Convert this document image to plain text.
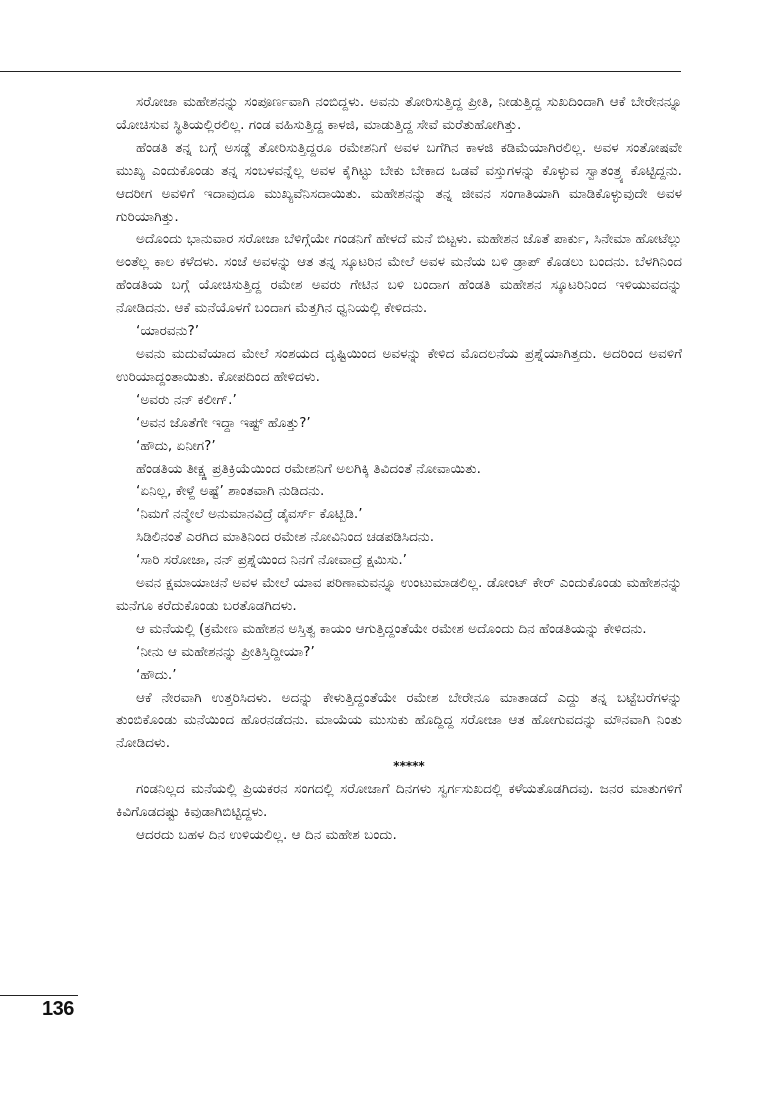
ಸರೋಜಾ ಮಹೇಶನನ್ನು ಸಂಪೂರ್ಣವಾಗಿ ನಂಬಿದ್ದಳು. ಅವನು ತೋರಿಸುತ್ತಿದ್ದ ಪ್ರೀತಿ, ನೀಡುತ್ತಿದ್ದ ಸುಖದಿಂದಾಗಿ ಆಕೆ ಬೇರೇನನ್ನೂ ಯೋಚಿಸುವ ಸ್ಥಿತಿಯಲ್ಲಿರಲಿಲ್ಲ. ಗಂಡ ವಹಿಸುತ್ತಿದ್ದ ಕಾಳಜಿ, ಮಾಡುತ್ತಿದ್ದ ಸೇವೆ ಮರೆತುಹೋಗಿತ್ತು.

ಹೆಂಡತಿ ತನ್ನ ಬಗ್ಗೆ ಅಸಡ್ಡೆ ತೋರಿಸುತ್ತಿದ್ದರೂ ರಮೇಶನಿಗೆ ಅವಳ ಬಗೆಗಿನ ಕಾಳಜಿ ಕಡಿಮೆಯಾಗಿರಲಿಲ್ಲ. ಅವಳ ಸಂತೋಷವೇ ಮುಖ್ಯ ಎಂದುಕೊಂಡು ತನ್ನ ಸಂಬಳವನ್ನೆಲ್ಲ ಅವಳ ಕೈಗಿಟ್ಟು ಬೇಕು ಬೇಕಾದ ಒಡವೆ ವಸ್ತುಗಳನ್ನು ಕೊಳ್ಳುವ ಸ್ವಾತಂತ್ರ್ಯ ಕೊಟ್ಟಿದ್ದನು. ಆದರೀಗ ಅವಳಿಗೆ ಇದಾವುದೂ ಮುಖ್ಯವೆನಿಸದಾಯಿತು. ಮಹೇಶನನ್ನು ತನ್ನ ಜೀವನ ಸಂಗಾತಿಯಾಗಿ ಮಾಡಿಕೊಳ್ಳುವುದೇ ಅವಳ ಗುರಿಯಾಗಿತ್ತು.

ಅದೊಂದು ಭಾನುವಾರ ಸರೋಜಾ ಬೆಳಿಗ್ಗೆಯೇ ಗಂಡನಿಗೆ ಹೇಳದೆ ಮನೆ ಬಿಟ್ಟಳು. ಮಹೇಶನ ಜೊತೆ ಪಾರ್ಕು, ಸಿನೇಮಾ ಹೋಟೆಲ್ಲು ಅಂತೆಲ್ಲ ಕಾಲ ಕಳೆದಳು. ಸಂಜೆ ಅವಳನ್ನು ಆತ ತನ್ನ ಸ್ಕೂಟರಿನ ಮೇಲೆ ಅವಳ ಮನೆಯ ಬಳಿ ಡ್ರಾಪ್ ಕೊಡಲು ಬಂದನು. ಬೆಳಗಿನಿಂದ ಹೆಂಡತಿಯ ಬಗ್ಗೆ ಯೋಚಿಸುತ್ತಿದ್ದ ರಮೇಶ ಅವರು ಗೇಟಿನ ಬಳಿ ಬಂದಾಗ ಹೆಂಡತಿ ಮಹೇಶನ ಸ್ಕೂಟರಿನಿಂದ ಇಳಿಯುವದನ್ನು ನೋಡಿದನು. ಆಕೆ ಮನೆಯೊಳಗೆ ಬಂದಾಗ ಮೆತ್ತಗಿನ ಧ್ವನಿಯಲ್ಲಿ ಕೇಳಿದನು.

‘ಯಾರವನು?’

ಅವನು ಮದುವೆಯಾದ ಮೇಲೆ ಸಂಶಯದ ದೃಷ್ಟಿಯಿಂದ ಅವಳನ್ನು ಕೇಳಿದ ಮೊದಲನೆಯ ಪ್ರಶ್ನೆಯಾಗಿತ್ತದು. ಅದರಿಂದ ಅವಳಿಗೆ ಉರಿಯಾದ್ದಂತಾಯಿತು. ಕೋಪದಿಂದ ಹೇಳಿದಳು.

‘ಅವರು ನನ್ ಕಲೀಗ್.’

‘ಅವನ ಜೊತೆಗೇ ಇದ್ದಾ ಇಷ್ಟ್ ಹೊತ್ತು?’

‘ಹೌದು, ಏನೀಗ?’

ಹೆಂಡತಿಯ ತೀಕ್ಷ್ಣ ಪ್ರತಿಕ್ರಿಯೆಯಿಂದ ರಮೇಶನಿಗೆ ಅಲಗಿಕ್ಕಿ ತಿವಿದಂತೆ ನೋವಾಯಿತು.

‘ಏನಿಲ್ಲ, ಕೇಳ್ದೆ ಅಷ್ಟೆ’ ಶಾಂತವಾಗಿ ನುಡಿದನು.

‘ನಿಮಗೆ ನನ್ಮೇಲೆ ಅನುಮಾನವಿದ್ರೆ ಡೈವರ್ಸ್ ಕೊಟ್ಬಿಡಿ.’

ಸಿಡಿಲಿನಂತೆ ಎರಗಿದ ಮಾತಿನಿಂದ ರಮೇಶ ನೋವಿನಿಂದ ಚಡಪಡಿಸಿದನು.

‘ಸಾರಿ ಸರೋಜಾ, ನನ್ ಪ್ರಶ್ನೆಯಿಂದ ನಿನಗೆ ನೋವಾದ್ರೆ ಕ್ಷಮಿಸು.’

ಅವನ ಕ್ಷಮಾಯಾಚನೆ ಅವಳ ಮೇಲೆ ಯಾವ ಪರಿಣಾಮವನ್ನೂ ಉಂಟುಮಾಡಲಿಲ್ಲ. ಡೋಂಟ್ ಕೇರ್ ಎಂದುಕೊಂಡು ಮಹೇಶನನ್ನು ಮನೆಗೂ ಕರೆದುಕೊಂಡು ಬರತೊಡಗಿದಳು.

ಆ ಮನೆಯಲ್ಲಿ (ಕ್ರಮೇಣ ಮಹೇಶನ ಅಸ್ತಿತ್ವ ಕಾಯಂ ಆಗುತ್ತಿದ್ದಂತೆಯೇ ರಮೇಶ ಅದೊಂದು ದಿನ ಹೆಂಡತಿಯನ್ನು ಕೇಳಿದನು.

‘ನೀನು ಆ ಮಹೇಶನನ್ನು ಪ್ರೀತಿಸ್ತಿದ್ದೀಯಾ?’

‘ಹೌದು.’

ಆಕೆ ನೇರವಾಗಿ ಉತ್ತರಿಸಿದಳು. ಅದನ್ನು ಕೇಳುತ್ತಿದ್ದಂತೆಯೇ ರಮೇಶ ಬೇರೇನೂ ಮಾತಾಡದೆ ಎದ್ದು ತನ್ನ ಬಟ್ಟೆಬರೆಗಳನ್ನು ತುಂಬಿಕೊಂಡು ಮನೆಯಿಂದ ಹೊರನಡೆದನು. ಮಾಯೆಯ ಮುಸುಕು ಹೊದ್ದಿದ್ದ ಸರೋಜಾ ಆತ ಹೋಗುವದನ್ನು ಮೌನವಾಗಿ ನಿಂತು ನೋಡಿದಳು.

*****

ಗಂಡನಿಲ್ಲದ ಮನೆಯಲ್ಲಿ ಪ್ರಿಯಕರನ ಸಂಗದಲ್ಲಿ ಸರೋಜಾಗೆ ದಿನಗಳು ಸ್ವರ್ಗಸುಖದಲ್ಲಿ ಕಳೆಯತೊಡಗಿದವು. ಜನರ ಮಾತುಗಳಿಗೆ ಕಿವಿಗೊಡದಷ್ಟು ಕಿವುಡಾಗಿಬಿಟ್ಟಿದ್ದಳು.

ಆದರದು ಬಹಳ ದಿನ ಉಳಿಯಲಿಲ್ಲ. ಆ ದಿನ ಮಹೇಶ ಬಂದು.

136
